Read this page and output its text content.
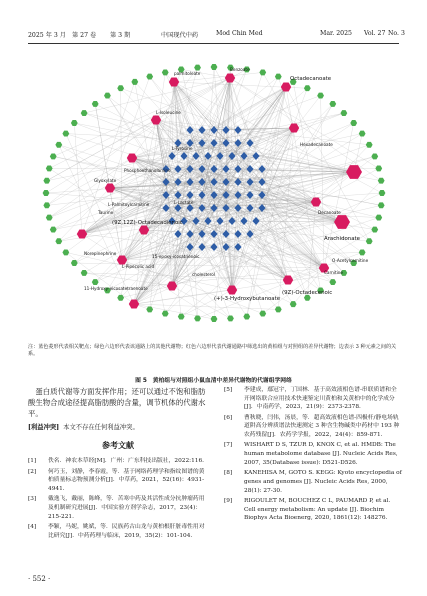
2025 年 3 月 第 27 卷 第 3 期	中国现代中药	Mod Chin Med	Mar. 2025 Vol. 27 No. 3
palmitoleate
Benzoate
Octadecanoate
L-Isoleucine
L-Tyrosine
Hexadecanoate
Phosphoethanolamine
Glyoxylate
L-Lactate
Decanoate
(9Z,12Z)-Octadecadienoic
Arachidonate
Norepinephrine
15-epoxy-icosatrienoic
O-Acetylcarnitine
cholesterol	Carnitine
L-Pipecolic acid
(9Z)-Octadecenoic
(+)-3-Hydroxybutanoate
Taurine
L-Palmitoylcarnitine
11-Hydroxy-eicosatetraenoate
注：蓝色菱形代表相关靶点；绿色六边形代表该通路上的其他代谢物；红色六边形代表代谢通路中筛选出的黄柏组与对照组的差异代谢物；边表示 3 种元素之间的关系。
图 5　黄柏组与对照组小鼠血清中差异代谢物的代谢组学网络

蛋白质代谢等方面发挥作用；还可以通过不饱和脂肪酸生物合成途径提高脂肪酸的含量，调节机体的代谢水平。

[利益冲突] 本文不存在任何利益冲突。

参考文献
[1]	佚名．神农本草经[M]．广州：广东科技出版社，2022:116.
[2]	何巧玉，刘静，李春霞，等．基于网络药理学和指纹图谱的黄柏质量标志物预测分析[J]．中草药，2021，52(16)：4931-4941.
[3]	戴逸飞，戴丽，陈峰，等．苦寒中药及其活性成分抗肿瘤药用及机制研究进展[J]．中国实验方剂学杂志，2017，23(4)：215-221.
[4]	李颖，马妮，姚斌，等．民族药古山龙与黄柏根肝脏毒性用对比研究[J]．中药药理与临床，2019，35(2)：101-104.
[5]	李建成，鄢冠宇，丁国林．基于高效液相色谱-串联质谱和全开网络联合应用技术快速鉴定川黄柏和关黄柏中的化学成分[J]．中南药学，2023，21(9)：2373-2378.
[6]	曹秋晓，闫伟，汤晨，等．超高效液相色谱-四极杆/静电场轨道阱高分辨质谱法快速测定 3 种含生物碱类中药材中 193 种农药残留[J]．农药学学报，2022，24(4)：859-871.
[7]	WISHART D S, TZUR D, KNOX C, et al. HMDB: The human metabolome database [J]. Nucleic Acids Res, 2007, 35(Database issue): D521-D526.
[8]	KANEHISA M, GOTO S. KEGG: Kyoto encyclopedia of genes and genomes [J]. Nucleic Acids Res, 2000, 28(1): 27-30.
[9]	RIGOULET M, BOUCHEZ C L, PAUMARD P, et al. Cell energy metabolism: An update [J]. Biochim Biophys Acta Bioenerg, 2020, 1861(12): 148276.
· 552 ·
